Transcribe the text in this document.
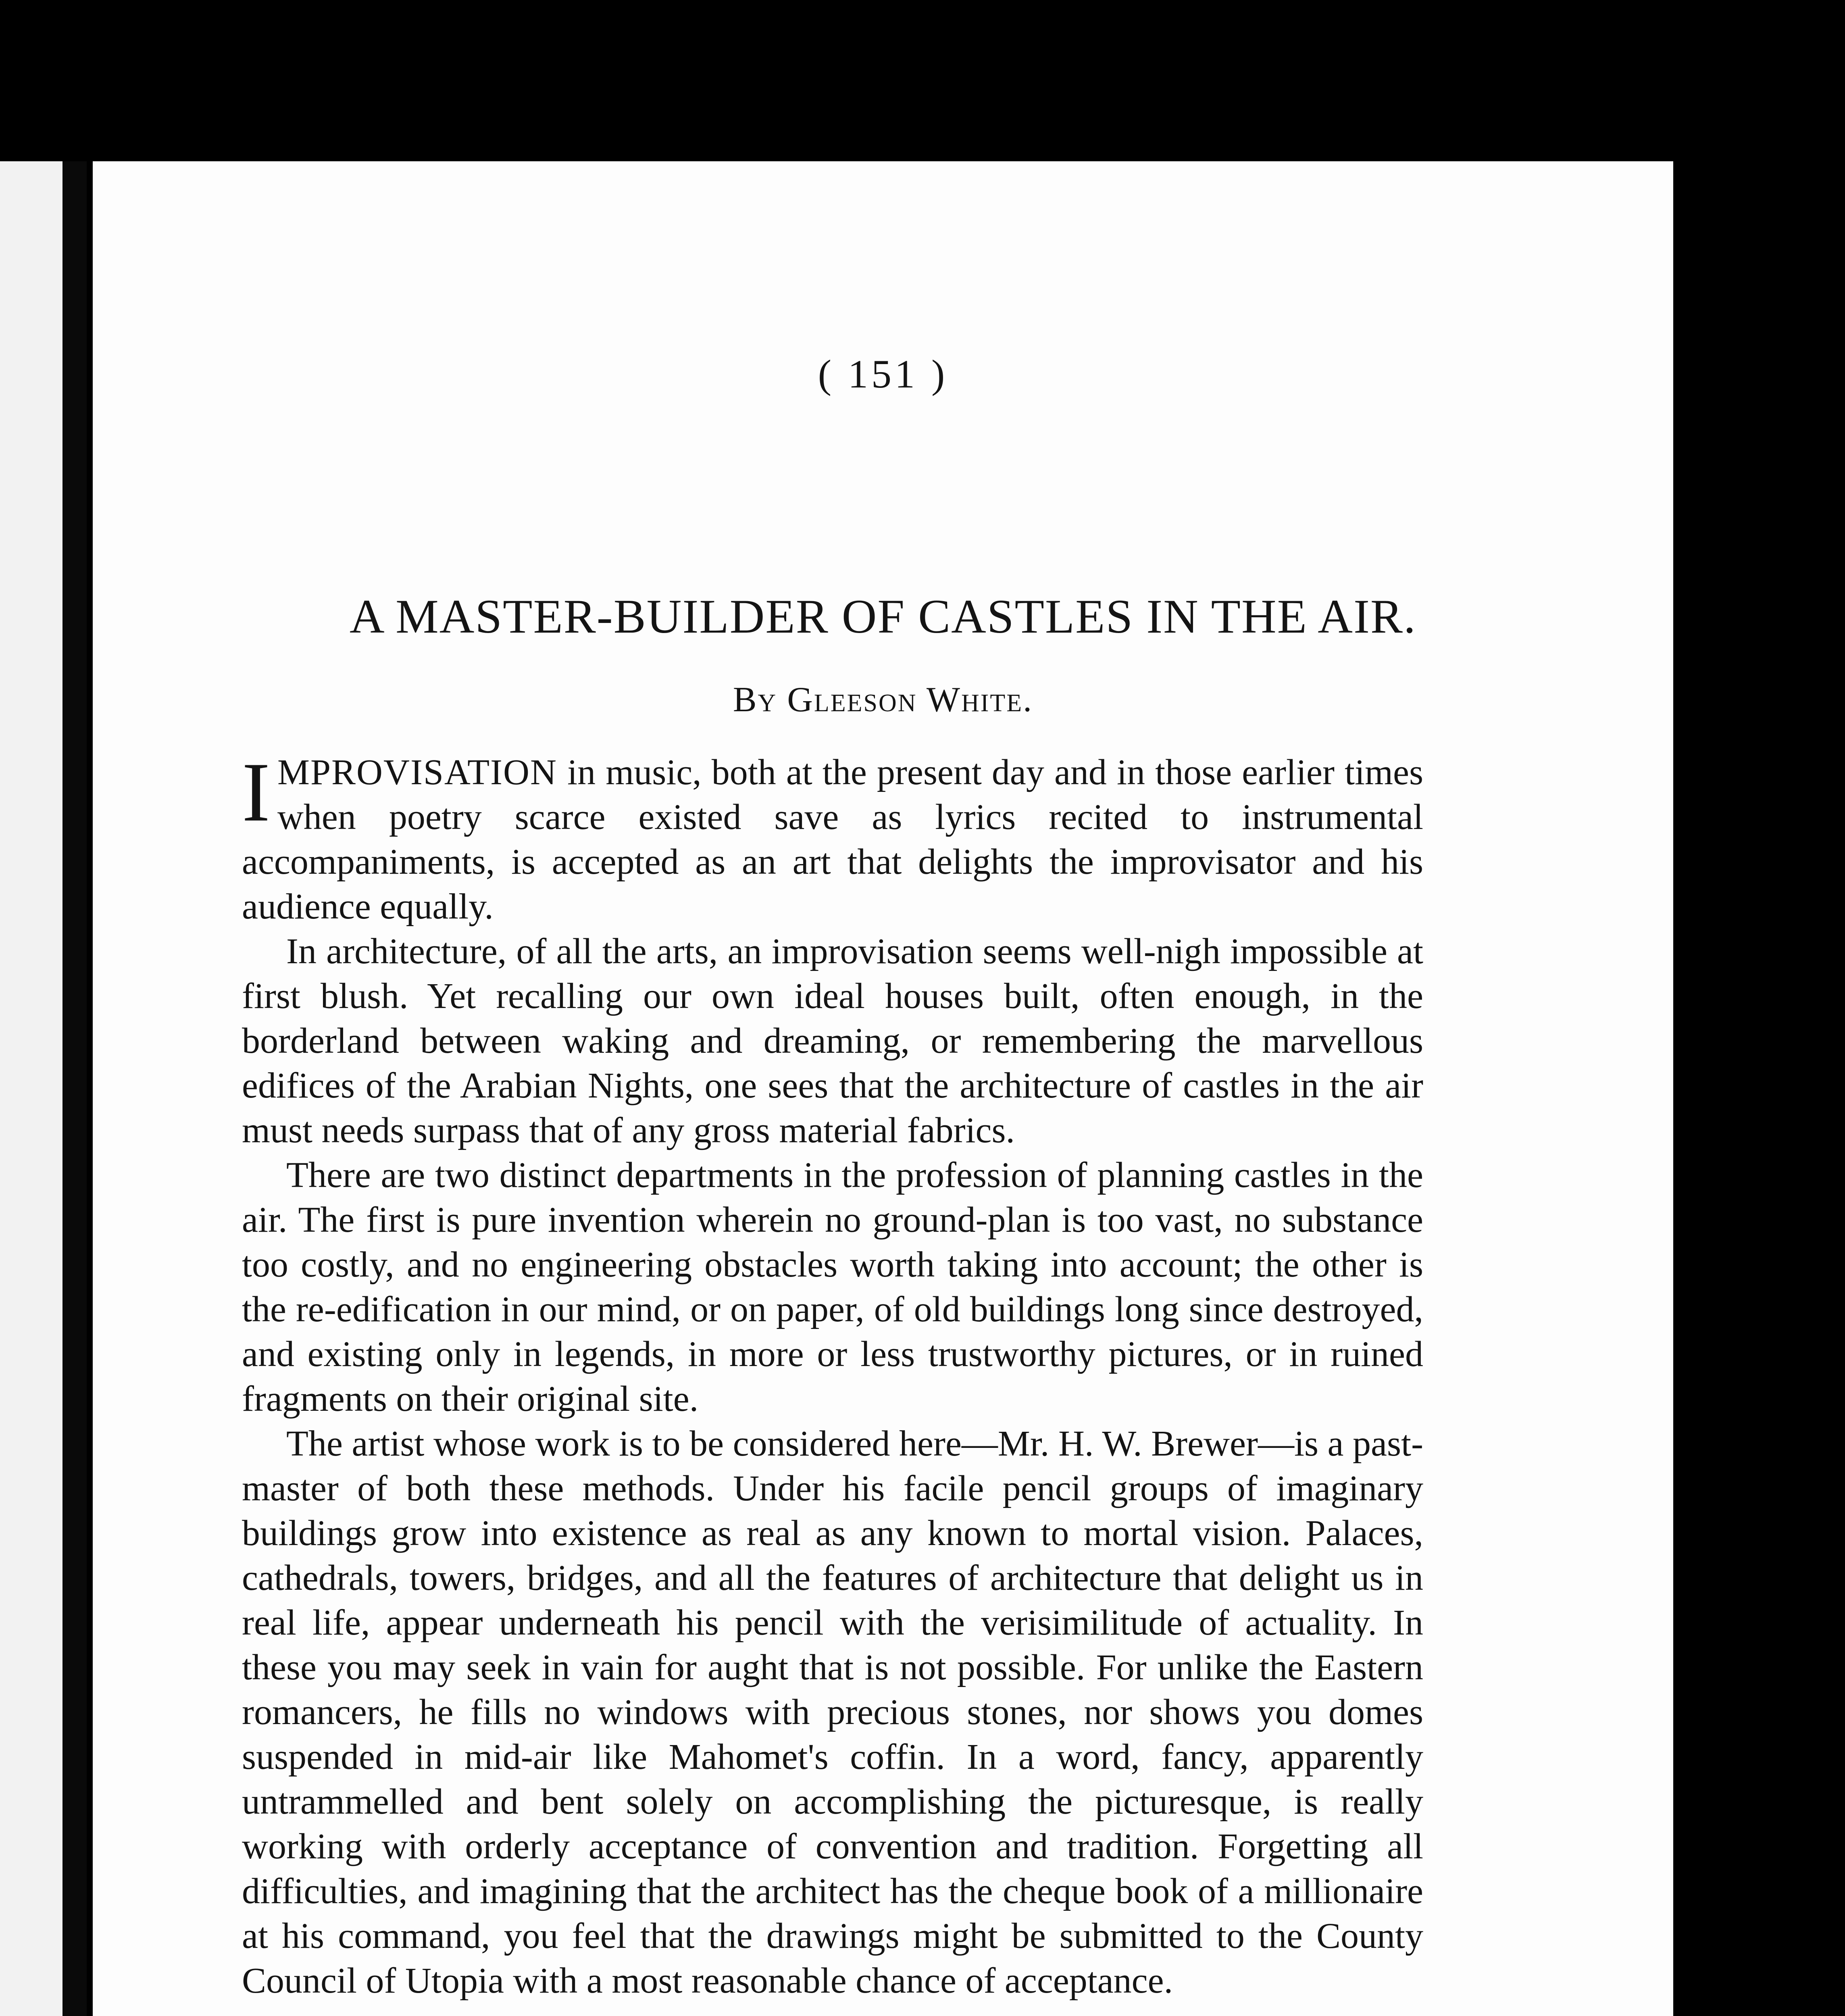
( 151 )
A MASTER-BUILDER OF CASTLES IN THE AIR.
By Gleeson White.

IMPROVISATION in music, both at the present day and in those earlier times when poetry scarce existed save as lyrics recited to instrumental accompaniments, is accepted as an art that delights the improvisator and his audience equally.

In architecture, of all the arts, an improvisation seems well-nigh impossible at first blush. Yet recalling our own ideal houses built, often enough, in the borderland between waking and dreaming, or remembering the marvellous edifices of the Arabian Nights, one sees that the architecture of castles in the air must needs surpass that of any gross material fabrics.

There are two distinct departments in the profession of planning castles in the air. The first is pure invention wherein no ground-plan is too vast, no substance too costly, and no engineering obstacles worth taking into account; the other is the re-edification in our mind, or on paper, of old buildings long since destroyed, and existing only in legends, in more or less trustworthy pictures, or in ruined fragments on their original site.

The artist whose work is to be considered here—Mr. H. W. Brewer—is a past-master of both these methods. Under his facile pencil groups of imaginary buildings grow into existence as real as any known to mortal vision. Palaces, cathedrals, towers, bridges, and all the features of architecture that delight us in real life, appear underneath his pencil with the verisimilitude of actuality. In these you may seek in vain for aught that is not possible. For unlike the Eastern romancers, he fills no windows with precious stones, nor shows you domes suspended in mid-air like Mahomet's coffin. In a word, fancy, apparently untrammelled and bent solely on accomplishing the picturesque, is really working with orderly acceptance of convention and tradition. Forgetting all difficulties, and imagining that the architect has the cheque book of a millionaire at his command, you feel that the drawings might be submitted to the County Council of Utopia with a most reasonable chance of acceptance.
